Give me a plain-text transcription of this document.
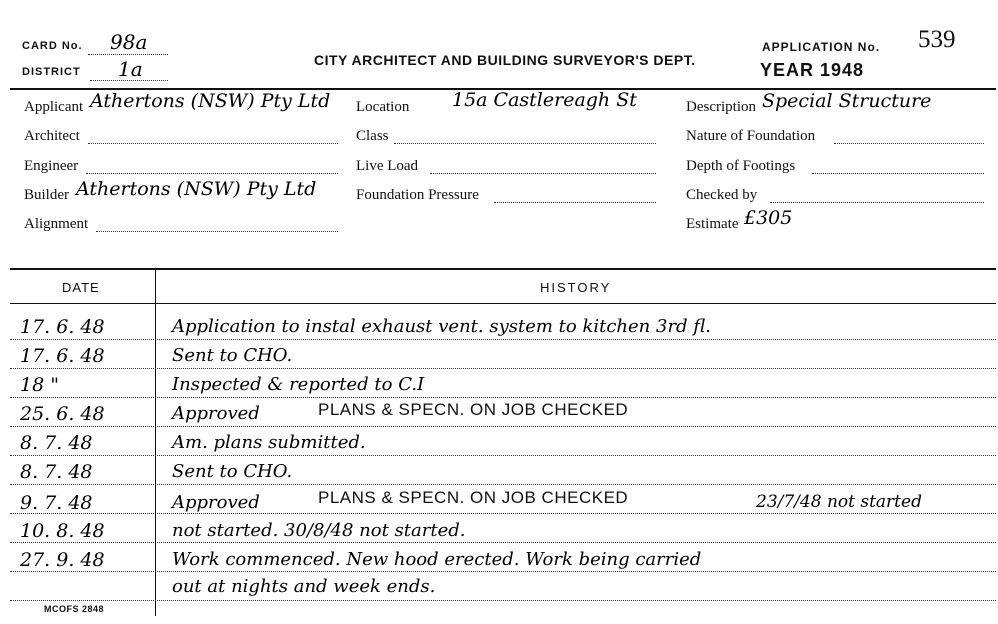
CARD No. 98a
DISTRICT 1a	CITY ARCHITECT AND BUILDING SURVEYOR'S DEPT.
APPLICATION No. 539
YEAR 1948
Applicant Athertons (NSW) Pty Ltd
Architect
Engineer
Builder Athertons (NSW) Pty Ltd
Alignment
Location 15a Castlereagh St
Class
Live Load
Foundation Pressure
Description Special Structure
Nature of Foundation
Depth of Footings
Checked by
Estimate £305
DATE	HISTORY
17. 6. 48	Application to instal exhaust vent. system to kitchen 3rd fl.
17. 6. 48	Sent to CHO.
18 "	Inspected & reported to C.I
25. 6. 48	Approved	PLANS & SPECN. ON JOB CHECKED
8. 7. 48	Am. plans submitted.
8. 7. 48	Sent to CHO.
9. 7. 48	Approved	PLANS & SPECN. ON JOB CHECKED	23/7/48 not started
10. 8. 48	not started. 30/8/48 not started.
27. 9. 48	Work commenced. New hood erected. Work being carried
out at nights and week ends.
MCOFS 2848
